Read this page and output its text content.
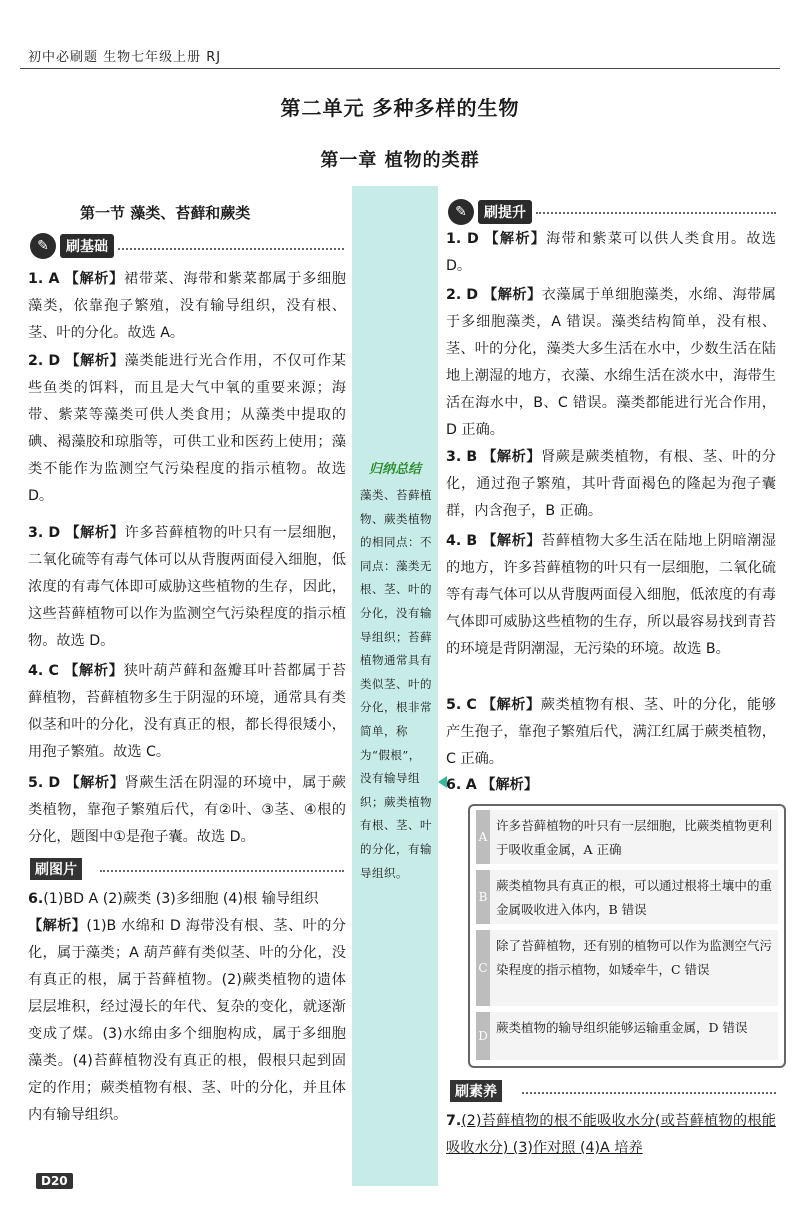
初中必刷题 生物七年级上册 RJ
第二单元 多种多样的生物
第一章 植物的类群
第一节 藻类、苔藓和蕨类
归纳总结
藻类、苔藓植物、蕨类植物的相同点：不同点：藻类无根、茎、叶的分化，没有输导组织；苔藓植物通常具有类似茎、叶的分化，根非常简单，称为“假根”，没有输导组织；蕨类植物有根、茎、叶的分化，有输导组织。
✎	刷基础
✎	刷提升
1. A 【解析】裙带菜、海带和紫菜都属于多细胞藻类，依靠孢子繁殖，没有输导组织，没有根、茎、叶的分化。故选 A。
2. D 【解析】藻类能进行光合作用，不仅可作某些鱼类的饵料，而且是大气中氧的重要来源；海带、紫菜等藻类可供人类食用；从藻类中提取的碘、褐藻胶和琼脂等，可供工业和医药上使用；藻类不能作为监测空气污染程度的指示植物。故选 D。
3. D 【解析】许多苔藓植物的叶只有一层细胞，二氧化硫等有毒气体可以从背腹两面侵入细胞，低浓度的有毒气体即可威胁这些植物的生存，因此，这些苔藓植物可以作为监测空气污染程度的指示植物。故选 D。
4. C 【解析】狭叶葫芦藓和盔瓣耳叶苔都属于苔藓植物，苔藓植物多生于阴湿的环境，通常具有类似茎和叶的分化，没有真正的根，都长得很矮小，用孢子繁殖。故选 C。
5. D 【解析】肾蕨生活在阴湿的环境中，属于蕨类植物，靠孢子繁殖后代，有②叶、③茎、④根的分化，题图中①是孢子囊。故选 D。
刷图片
6.(1)BD A (2)蕨类 (3)多细胞 (4)根 输导组织
【解析】(1)B 水绵和 D 海带没有根、茎、叶的分化，属于藻类；A 葫芦藓有类似茎、叶的分化，没有真正的根，属于苔藓植物。(2)蕨类植物的遗体层层堆积，经过漫长的年代、复杂的变化，就逐渐变成了煤。(3)水绵由多个细胞构成，属于多细胞藻类。(4)苔藓植物没有真正的根，假根只起到固定的作用；蕨类植物有根、茎、叶的分化，并且体内有输导组织。
1. D 【解析】海带和紫菜可以供人类食用。故选 D。
2. D 【解析】衣藻属于单细胞藻类，水绵、海带属于多细胞藻类，A 错误。藻类结构简单，没有根、茎、叶的分化，藻类大多生活在水中，少数生活在陆地上潮湿的地方，衣藻、水绵生活在淡水中，海带生活在海水中，B、C 错误。藻类都能进行光合作用，D 正确。
3. B 【解析】肾蕨是蕨类植物，有根、茎、叶的分化，通过孢子繁殖，其叶背面褐色的隆起为孢子囊群，内含孢子，B 正确。
4. B 【解析】苔藓植物大多生活在陆地上阴暗潮湿的地方，许多苔藓植物的叶只有一层细胞，二氧化硫等有毒气体可以从背腹两面侵入细胞，低浓度的有毒气体即可威胁这些植物的生存，所以最容易找到青苔的环境是背阴潮湿，无污染的环境。故选 B。
5. C 【解析】蕨类植物有根、茎、叶的分化，能够产生孢子，靠孢子繁殖后代，满江红属于蕨类植物，C 正确。
6. A 【解析】
A
许多苔藓植物的叶只有一层细胞，比蕨类植物更利于吸收重金属，A 正确
B
蕨类植物具有真正的根，可以通过根将土壤中的重金属吸收进入体内，B 错误
C
除了苔藓植物，还有别的植物可以作为监测空气污染程度的指示植物，如矮牵牛，C 错误
D
蕨类植物的输导组织能够运输重金属，D 错误
刷素养
7.(2)苔藓植物的根不能吸收水分(或苔藓植物的根能吸收水分) (3)作对照 (4)A 培养
D20
